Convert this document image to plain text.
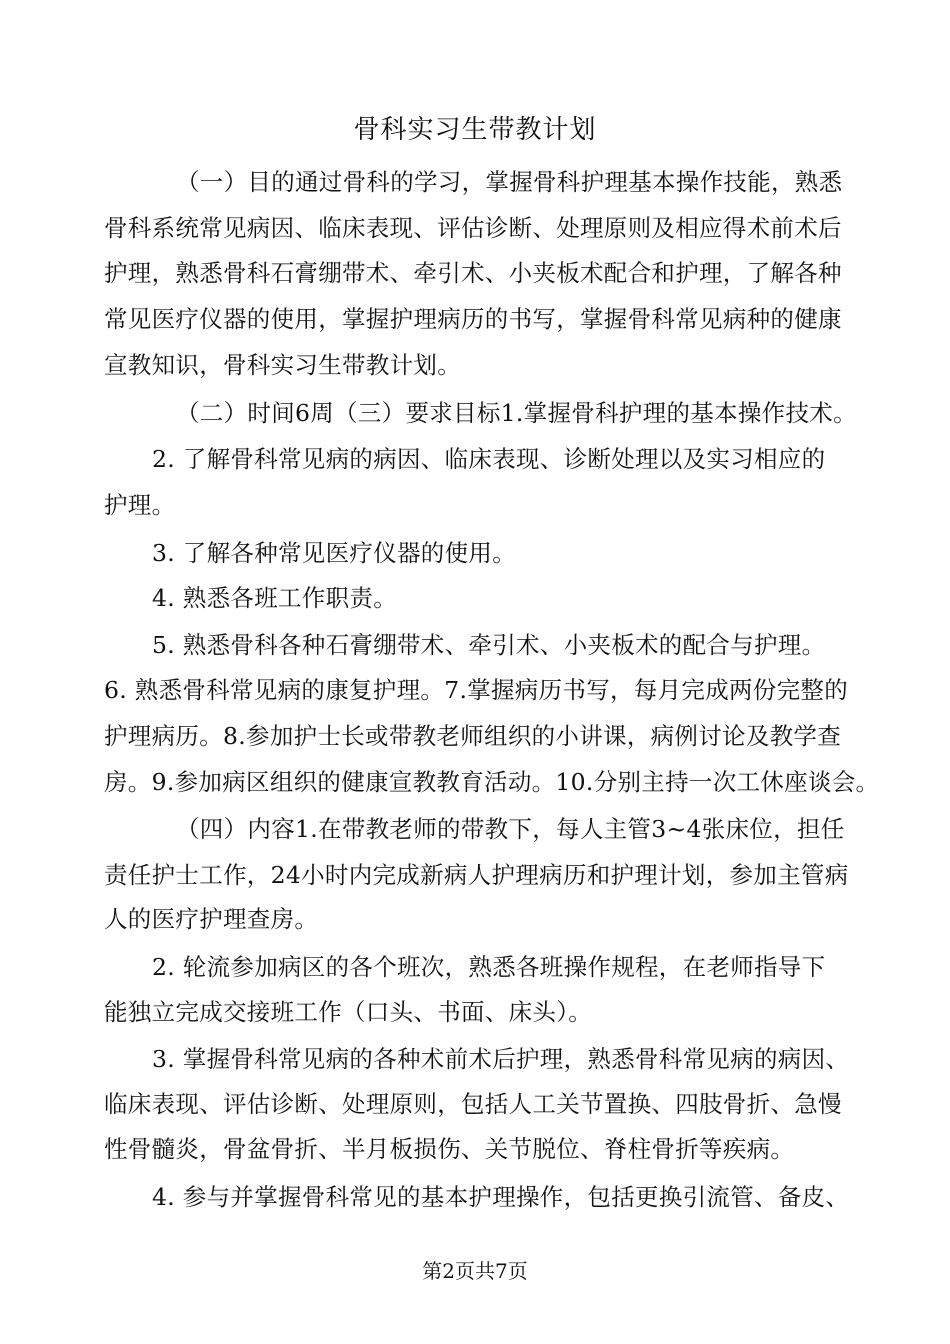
骨科实习生带教计划
（一）目的通过骨科的学习，掌握骨科护理基本操作技能，熟悉
骨科系统常见病因、临床表现、评估诊断、处理原则及相应得术前术后
护理，熟悉骨科石膏绷带术、牵引术、小夹板术配合和护理，了解各种
常见医疗仪器的使用，掌握护理病历的书写，掌握骨科常见病种的健康
宣教知识，骨科实习生带教计划。
（二）时间6周（三）要求目标1.掌握骨科护理的基本操作技术。
2. 了解骨科常见病的病因、临床表现、诊断处理以及实习相应的
护理。
3. 了解各种常见医疗仪器的使用。
4. 熟悉各班工作职责。
5. 熟悉骨科各种石膏绷带术、牵引术、小夹板术的配合与护理。
6. 熟悉骨科常见病的康复护理。7.掌握病历书写，每月完成两份完整的
护理病历。8.参加护士长或带教老师组织的小讲课，病例讨论及教学查
房。9.参加病区组织的健康宣教教育活动。10.分别主持一次工休座谈会。
（四）内容1.在带教老师的带教下，每人主管3~4张床位，担任
责任护士工作，24小时内完成新病人护理病历和护理计划，参加主管病
人的医疗护理查房。
2. 轮流参加病区的各个班次，熟悉各班操作规程，在老师指导下
能独立完成交接班工作（口头、书面、床头）。
3. 掌握骨科常见病的各种术前术后护理，熟悉骨科常见病的病因、
临床表现、评估诊断、处理原则，包括人工关节置换、四肢骨折、急慢
性骨髓炎，骨盆骨折、半月板损伤、关节脱位、脊柱骨折等疾病。
4. 参与并掌握骨科常见的基本护理操作，包括更换引流管、备皮、
第2页共7页
